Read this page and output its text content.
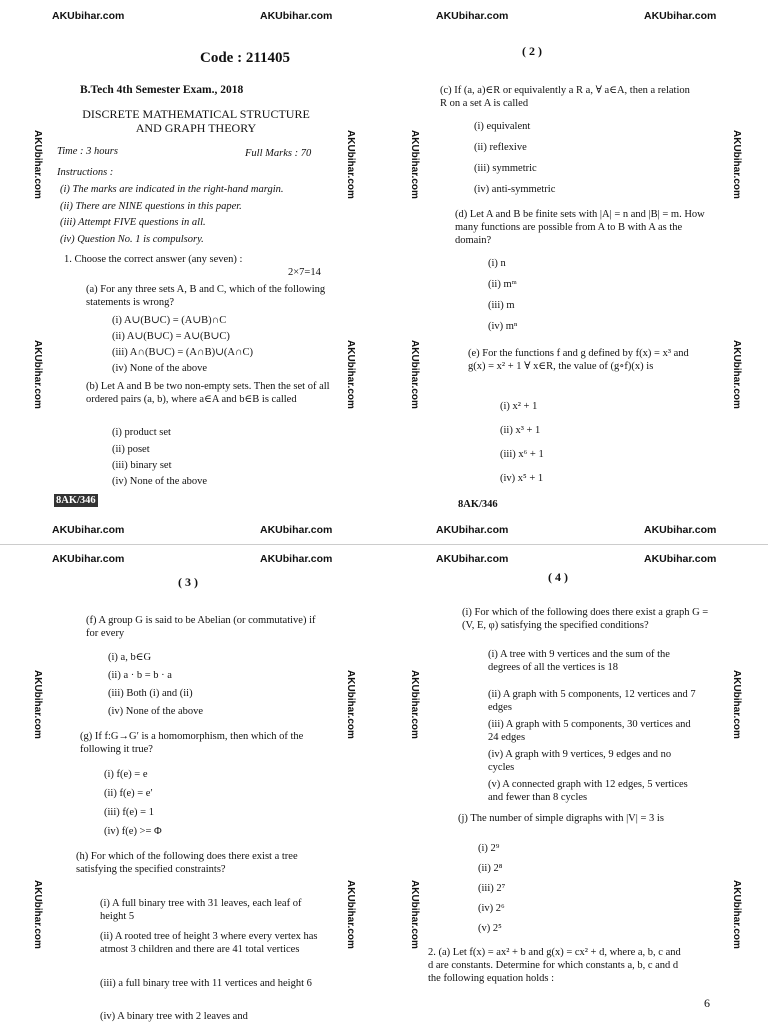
AKUbihar.com	AKUbihar.com	AKUbihar.com	AKUbihar.com
AKUbihar.com
AKUbihar.com
AKUbihar.com
AKUbihar.com
AKUbihar.com
AKUbihar.com
AKUbihar.com
AKUbihar.com
Code : 211405
B.Tech 4th Semester Exam., 2018
DISCRETE MATHEMATICAL STRUCTURE
AND GRAPH THEORY
Time : 3 hours	Full Marks : 70
Instructions :
(i) The marks are indicated in the right-hand margin.
(ii) There are NINE questions in this paper.
(iii) Attempt FIVE questions in all.
(iv) Question No. 1 is compulsory.
1. Choose the correct answer (any seven) :
2×7=14
(a) For any three sets A, B and C, which of the following statements is wrong?
(i) A∪(B∪C) = (A∪B)∩C
(ii) A∪(B∪C) = A∪(B∪C)
(iii) A∩(B∪C) = (A∩B)∪(A∩C)
(iv) None of the above
(b) Let A and B be two non-empty sets. Then the set of all ordered pairs (a, b), where a∈A and b∈B is called
(i) product set
(ii) poset
(iii) binary set
(iv) None of the above
8AK/346
( 2 )
(c) If (a, a)∈R or equivalently a R a, ∀ a∈A, then a relation R on a set A is called
(i) equivalent
(ii) reflexive
(iii) symmetric
(iv) anti-symmetric
(d) Let A and B be finite sets with |A| = n and |B| = m. How many functions are possible from A to B with A as the domain?
(i) n
(ii) mᵐ
(iii) m
(iv) mⁿ
(e) For the functions f and g defined by f(x) = x³ and g(x) = x² + 1 ∀ x∈R, the value of (g∘f)(x) is
(i) x² + 1
(ii) x³ + 1
(iii) x⁶ + 1
(iv) x⁵ + 1
8AK/346
AKUbihar.com	AKUbihar.com	AKUbihar.com	AKUbihar.com
AKUbihar.com	AKUbihar.com	AKUbihar.com	AKUbihar.com
AKUbihar.com
AKUbihar.com
AKUbihar.com
AKUbihar.com
AKUbihar.com
AKUbihar.com
AKUbihar.com
AKUbihar.com
( 3 )
(f) A group G is said to be Abelian (or commutative) if for every
(i) a, b∈G
(ii) a · b = b · a
(iii) Both (i) and (ii)
(iv) None of the above
(g) If f:G→G′ is a homomorphism, then which of the following it true?
(i) f(e) = e
(ii) f(e) = e′
(iii) f(e) = 1
(iv) f(e) >= Φ
(h) For which of the following does there exist a tree satisfying the specified constraints?
(i) A full binary tree with 31 leaves, each leaf of height 5
(ii) A rooted tree of height 3 where every vertex has atmost 3 children and there are 41 total vertices
(iii) a full binary tree with 11 vertices and height 6
(iv) A binary tree with 2 leaves and
( 4 )
(i) For which of the following does there exist a graph G =(V, E, φ) satisfying the specified conditions?
(i) A tree with 9 vertices and the sum of the degrees of all the vertices is 18
(ii) A graph with 5 components, 12 vertices and 7 edges
(iii) A graph with 5 components, 30 vertices and 24 edges
(iv) A graph with 9 vertices, 9 edges and no cycles
(v) A connected graph with 12 edges, 5 vertices and fewer than 8 cycles
(j) The number of simple digraphs with |V| = 3 is
(i) 2⁹
(ii) 2⁸
(iii) 2⁷
(iv) 2⁶
(v) 2⁵
2. (a) Let f(x) = ax² + b and g(x) = cx² + d, where a, b, c and d are constants. Determine for which constants a, b, c and d the following equation holds :
6
